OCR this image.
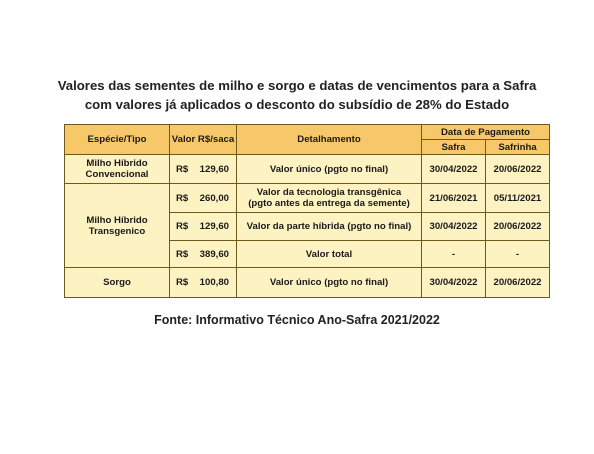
Valores das sementes de milho e sorgo e datas de vencimentos para a Safra
com valores já aplicados o desconto do subsídio de 28% do Estado
Espécie/Tipo	Valor R$/saca	Detalhamento	Data de Pagamento	
			Safra	Safrinha
Milho Híbrido Convencional	R$ 129,60	Valor único (pgto no final)	30/04/2022	20/06/2022
Milho Híbrido Transgenico	R$ 260,00	Valor da tecnologia transgênica (pgto antes da entrega da semente)	21/06/2021	05/11/2021

	R$ 129,60	Valor da parte híbrida (pgto no final)	30/04/2022	20/06/2022

	R$ 389,60	Valor total	-	-
Sorgo	R$ 100,80	Valor único (pgto no final)	30/04/2022	20/06/2022
Fonte: Informativo Técnico Ano-Safra 2021/2022
